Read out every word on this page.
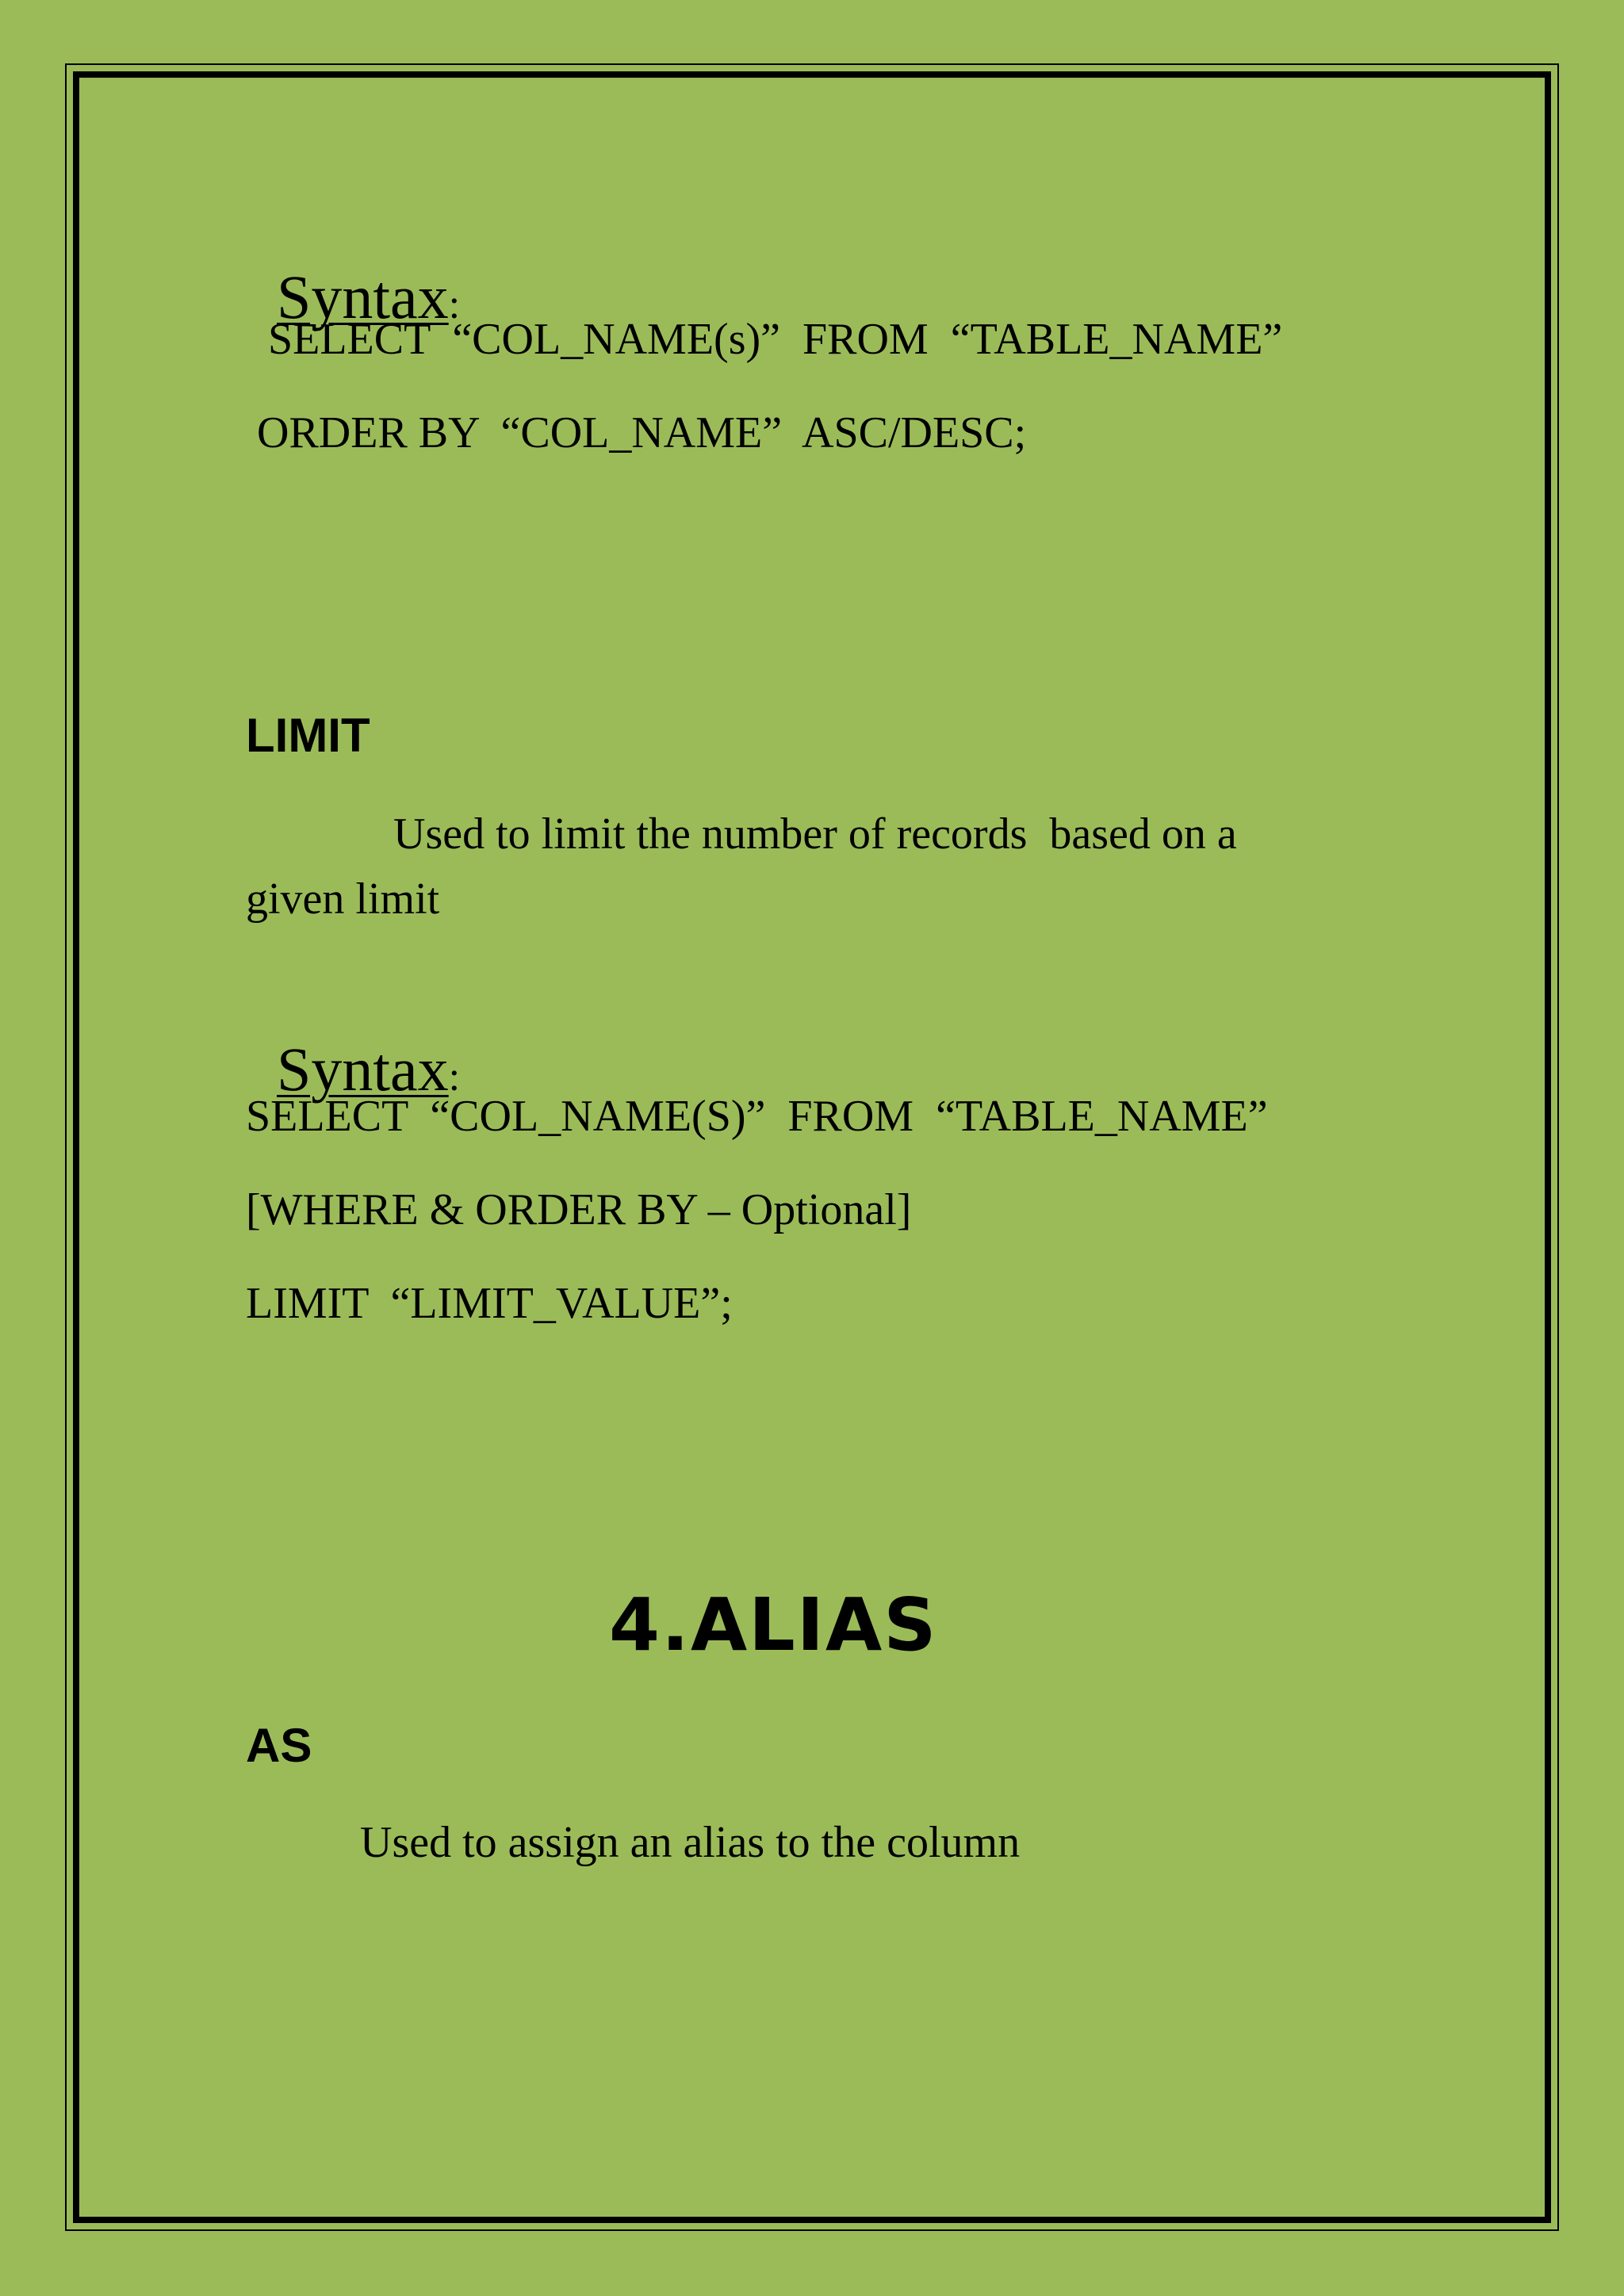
Syntax:

SELECT  “COL_NAME(s)”  FROM  “TABLE_NAME”
ORDER BY  “COL_NAME”  ASC/DESC;
LIMIT
Used to limit the number of records  based on a
given limit

Syntax:

SELECT  “COL_NAME(S)”  FROM  “TABLE_NAME”
[WHERE & ORDER BY – Optional]
LIMIT  “LIMIT_VALUE”;
4.ALIAS
AS
Used to assign an alias to the column
